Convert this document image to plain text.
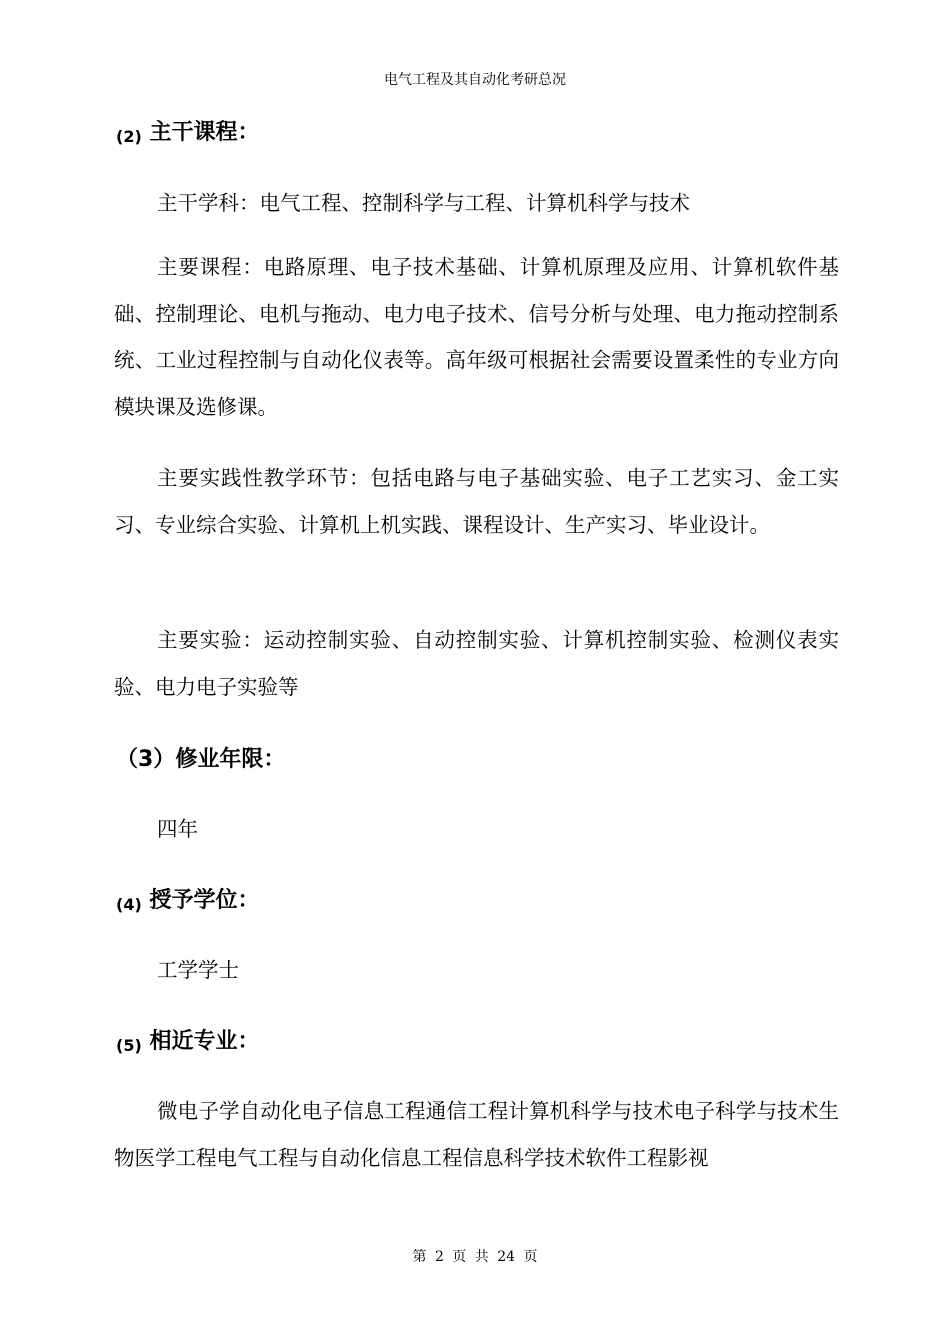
电气工程及其自动化考研总况
(2) 主干课程：

主干学科：电气工程、控制科学与工程、计算机科学与技术

主要课程：电路原理、电子技术基础、计算机原理及应用、计算机软件基础、控制理论、电机与拖动、电力电子技术、信号分析与处理、电力拖动控制系统、工业过程控制与自动化仪表等。高年级可根据社会需要设置柔性的专业方向模块课及选修课。

主要实践性教学环节：包括电路与电子基础实验、电子工艺实习、金工实习、专业综合实验、计算机上机实践、课程设计、生产实习、毕业设计。

主要实验：运动控制实验、自动控制实验、计算机控制实验、检测仪表实验、电力电子实验等

（3）修业年限：

四年

(4) 授予学位：

工学学士

(5) 相近专业：

微电子学自动化电子信息工程通信工程计算机科学与技术电子科学与技术生物医学工程电气工程与自动化信息工程信息科学技术软件工程影视

第 2 页 共 24 页
